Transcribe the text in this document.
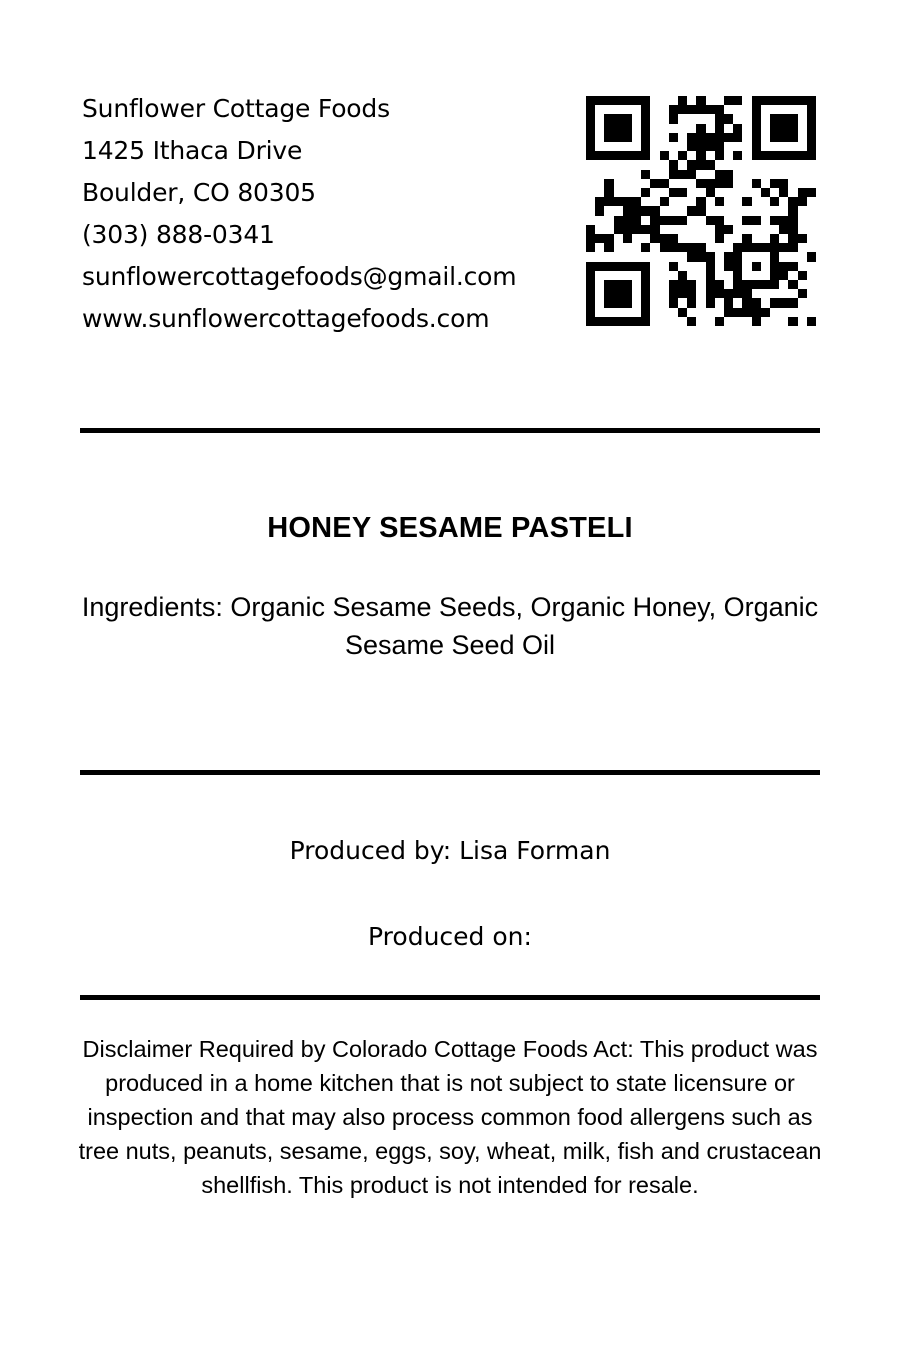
Sunflower Cottage Foods
1425 Ithaca Drive
Boulder, CO 80305
(303) 888-0341
sunflowercottagefoods@gmail.com
www.sunflowercottagefoods.com
HONEY SESAME PASTELI
Ingredients: Organic Sesame Seeds, Organic Honey, Organic Sesame Seed Oil
Produced by: Lisa Forman
Produced on:
Disclaimer Required by Colorado Cottage Foods Act: This product was produced in a home kitchen that is not subject to state licensure or inspection and that may also process common food allergens such as tree nuts, peanuts, sesame, eggs, soy, wheat, milk, fish and crustacean shellfish. This product is not intended for resale.
